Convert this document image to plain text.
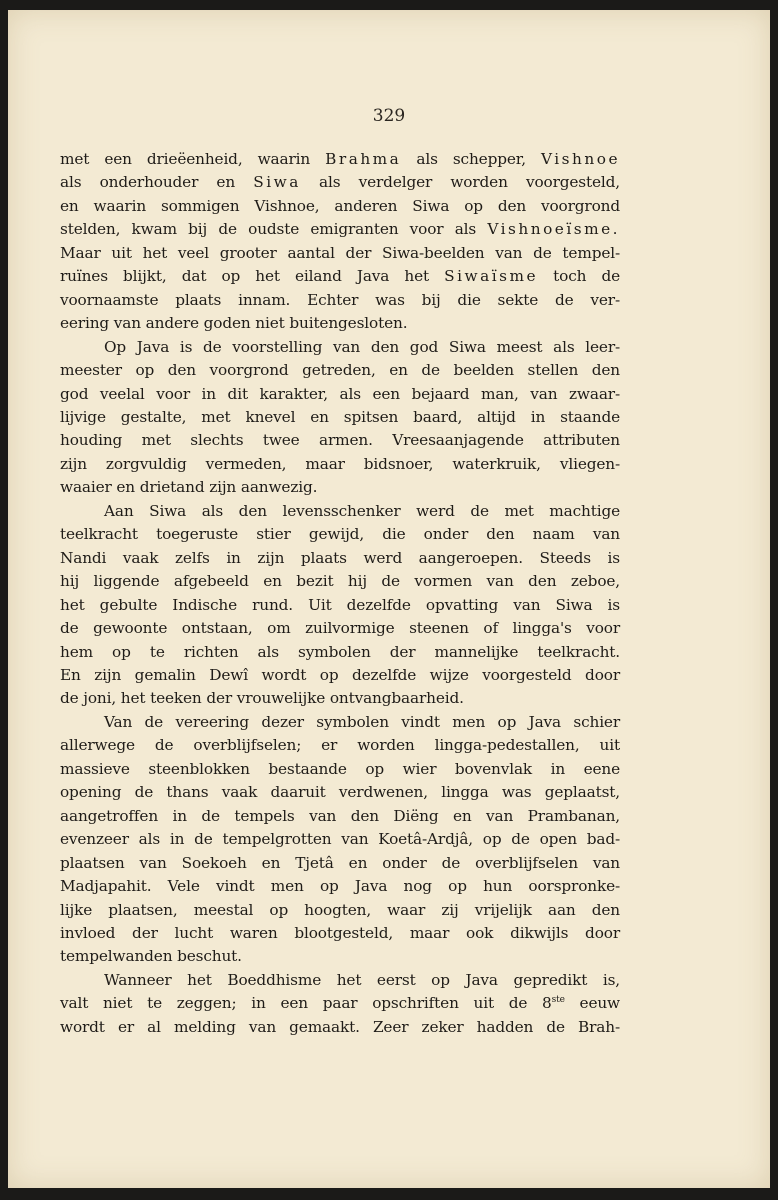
329
met een drieëenheid, waarin Brahma als schepper, Vishnoe
als onderhouder en Siwa als verdelger worden voorgesteld,
en waarin sommigen Vishnoe, anderen Siwa op den voorgrond
stelden, kwam bij de oudste emigranten voor als Vishnoeïsme.
Maar uit het veel grooter aantal der Siwa-beelden van de tempel-
ruïnes blijkt, dat op het eiland Java het Siwaïsme toch de
voornaamste plaats innam. Echter was bij die sekte de ver-
eering van andere goden niet buitengesloten.
Op Java is de voorstelling van den god Siwa meest als leer-
meester op den voorgrond getreden, en de beelden stellen den
god veelal voor in dit karakter, als een bejaard man, van zwaar-
lijvige gestalte, met knevel en spitsen baard, altijd in staande
houding met slechts twee armen. Vreesaanjagende attributen
zijn zorgvuldig vermeden, maar bidsnoer, waterkruik, vliegen-
waaier en drietand zijn aanwezig.
Aan Siwa als den levensschenker werd de met machtige
teelkracht toegeruste stier gewijd, die onder den naam van
Nandi vaak zelfs in zijn plaats werd aangeroepen. Steeds is
hij liggende afgebeeld en bezit hij de vormen van den zeboe,
het gebulte Indische rund. Uit dezelfde opvatting van Siwa is
de gewoonte ontstaan, om zuilvormige steenen of lingga's voor
hem op te richten als symbolen der mannelijke teelkracht.
En zijn gemalin Dewî wordt op dezelfde wijze voorgesteld door
de joni, het teeken der vrouwelijke ontvangbaarheid.
Van de vereering dezer symbolen vindt men op Java schier
allerwege de overblijfselen; er worden lingga-pedestallen, uit
massieve steenblokken bestaande op wier bovenvlak in eene
opening de thans vaak daaruit verdwenen, lingga was geplaatst,
aangetroffen in de tempels van den Diëng en van Prambanan,
evenzeer als in de tempelgrotten van Koetâ-Ardjâ, op de open bad-
plaatsen van Soekoeh en Tjetâ en onder de overblijfselen van
Madjapahit. Vele vindt men op Java nog op hun oorspronke-
lijke plaatsen, meestal op hoogten, waar zij vrijelijk aan den
invloed der lucht waren blootgesteld, maar ook dikwijls door
tempelwanden beschut.
Wanneer het Boeddhisme het eerst op Java gepredikt is,
valt niet te zeggen; in een paar opschriften uit de 8ste eeuw
wordt er al melding van gemaakt. Zeer zeker hadden de Brah-
